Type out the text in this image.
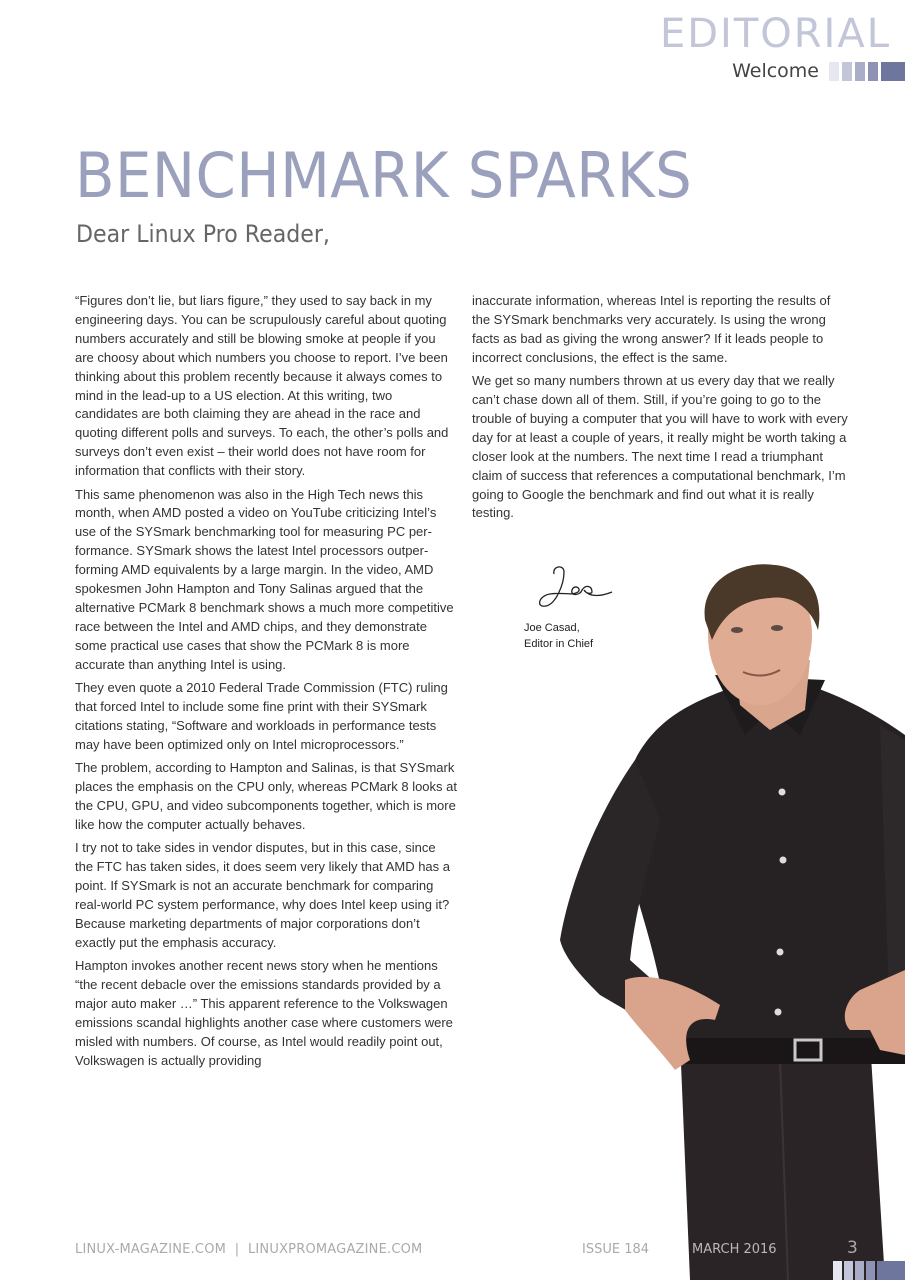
EDITORIAL
Welcome
BENCHMARK SPARKS
Dear Linux Pro Reader,
Joe Casad,
Editor in Chief

“Figures don’t lie, but liars figure,” they used to say back in my engineering days. You can be scrupulously careful about quoting numbers accurately and still be blowing smoke at people if you are choosy about which numbers you choose to report. I’ve been thinking about this problem recently because it always comes to mind in the lead-up to a US election. At this writing, two candidates are both claiming they are ahead in the race and quoting different polls and surveys. To each, the other’s polls and surveys don’t even exist – their world does not have room for information that conflicts with their story.

This same phenomenon was also in the High Tech news this month, when AMD posted a video on YouTube criticizing Intel’s use of the SYSmark benchmarking tool for measuring PC performance. SYSmark shows the latest Intel processors outperforming AMD equivalents by a large margin. In the video, AMD spokesmen John Hampton and Tony Salinas argued that the alternative PCMark 8 benchmark shows a much more competitive race between the Intel and AMD chips, and they demonstrate some practical use cases that show the PCMark 8 is more accurate than anything Intel is using.

They even quote a 2010 Federal Trade Commission (FTC) ruling that forced Intel to include some fine print with their SYSmark citations stating, “Software and workloads in performance tests may have been optimized only on Intel microprocessors.”

The problem, according to Hampton and Salinas, is that SYSmark places the emphasis on the CPU only, whereas PCMark 8 looks at the CPU, GPU, and video subcomponents together, which is more like how the computer actually behaves.

I try not to take sides in vendor disputes, but in this case, since the FTC has taken sides, it does seem very likely that AMD has a point. If SYSmark is not an accurate benchmark for comparing real-world PC system performance, why does Intel keep using it? Because marketing departments of major corporations don’t exactly put the emphasis accuracy.

Hampton invokes another recent news story when he mentions “the recent debacle over the emissions standards provided by a major auto maker …” This apparent reference to the Volkswagen emissions scandal highlights another case where customers were misled with numbers. Of course, as Intel would readily point out, Volkswagen is actually providing

inaccurate information, whereas Intel is reporting the results of the SYSmark benchmarks very accurately. Is using the wrong facts as bad as giving the wrong answer? If it leads people to incorrect conclusions, the effect is the same.

We get so many numbers thrown at us every day that we really can’t chase down all of them. Still, if you’re going to go to the trouble of buying a computer that you will have to work with every day for at least a couple of years, it really might be worth taking a closer look at the numbers. The next time I read a triumphant claim of success that references a computational benchmark, I’m going to Google the benchmark and find out what it is really testing.

LINUX-MAGAZINE.COM  |  LINUXPROMAGAZINE.COM	ISSUE 184	MARCH 2016	3
